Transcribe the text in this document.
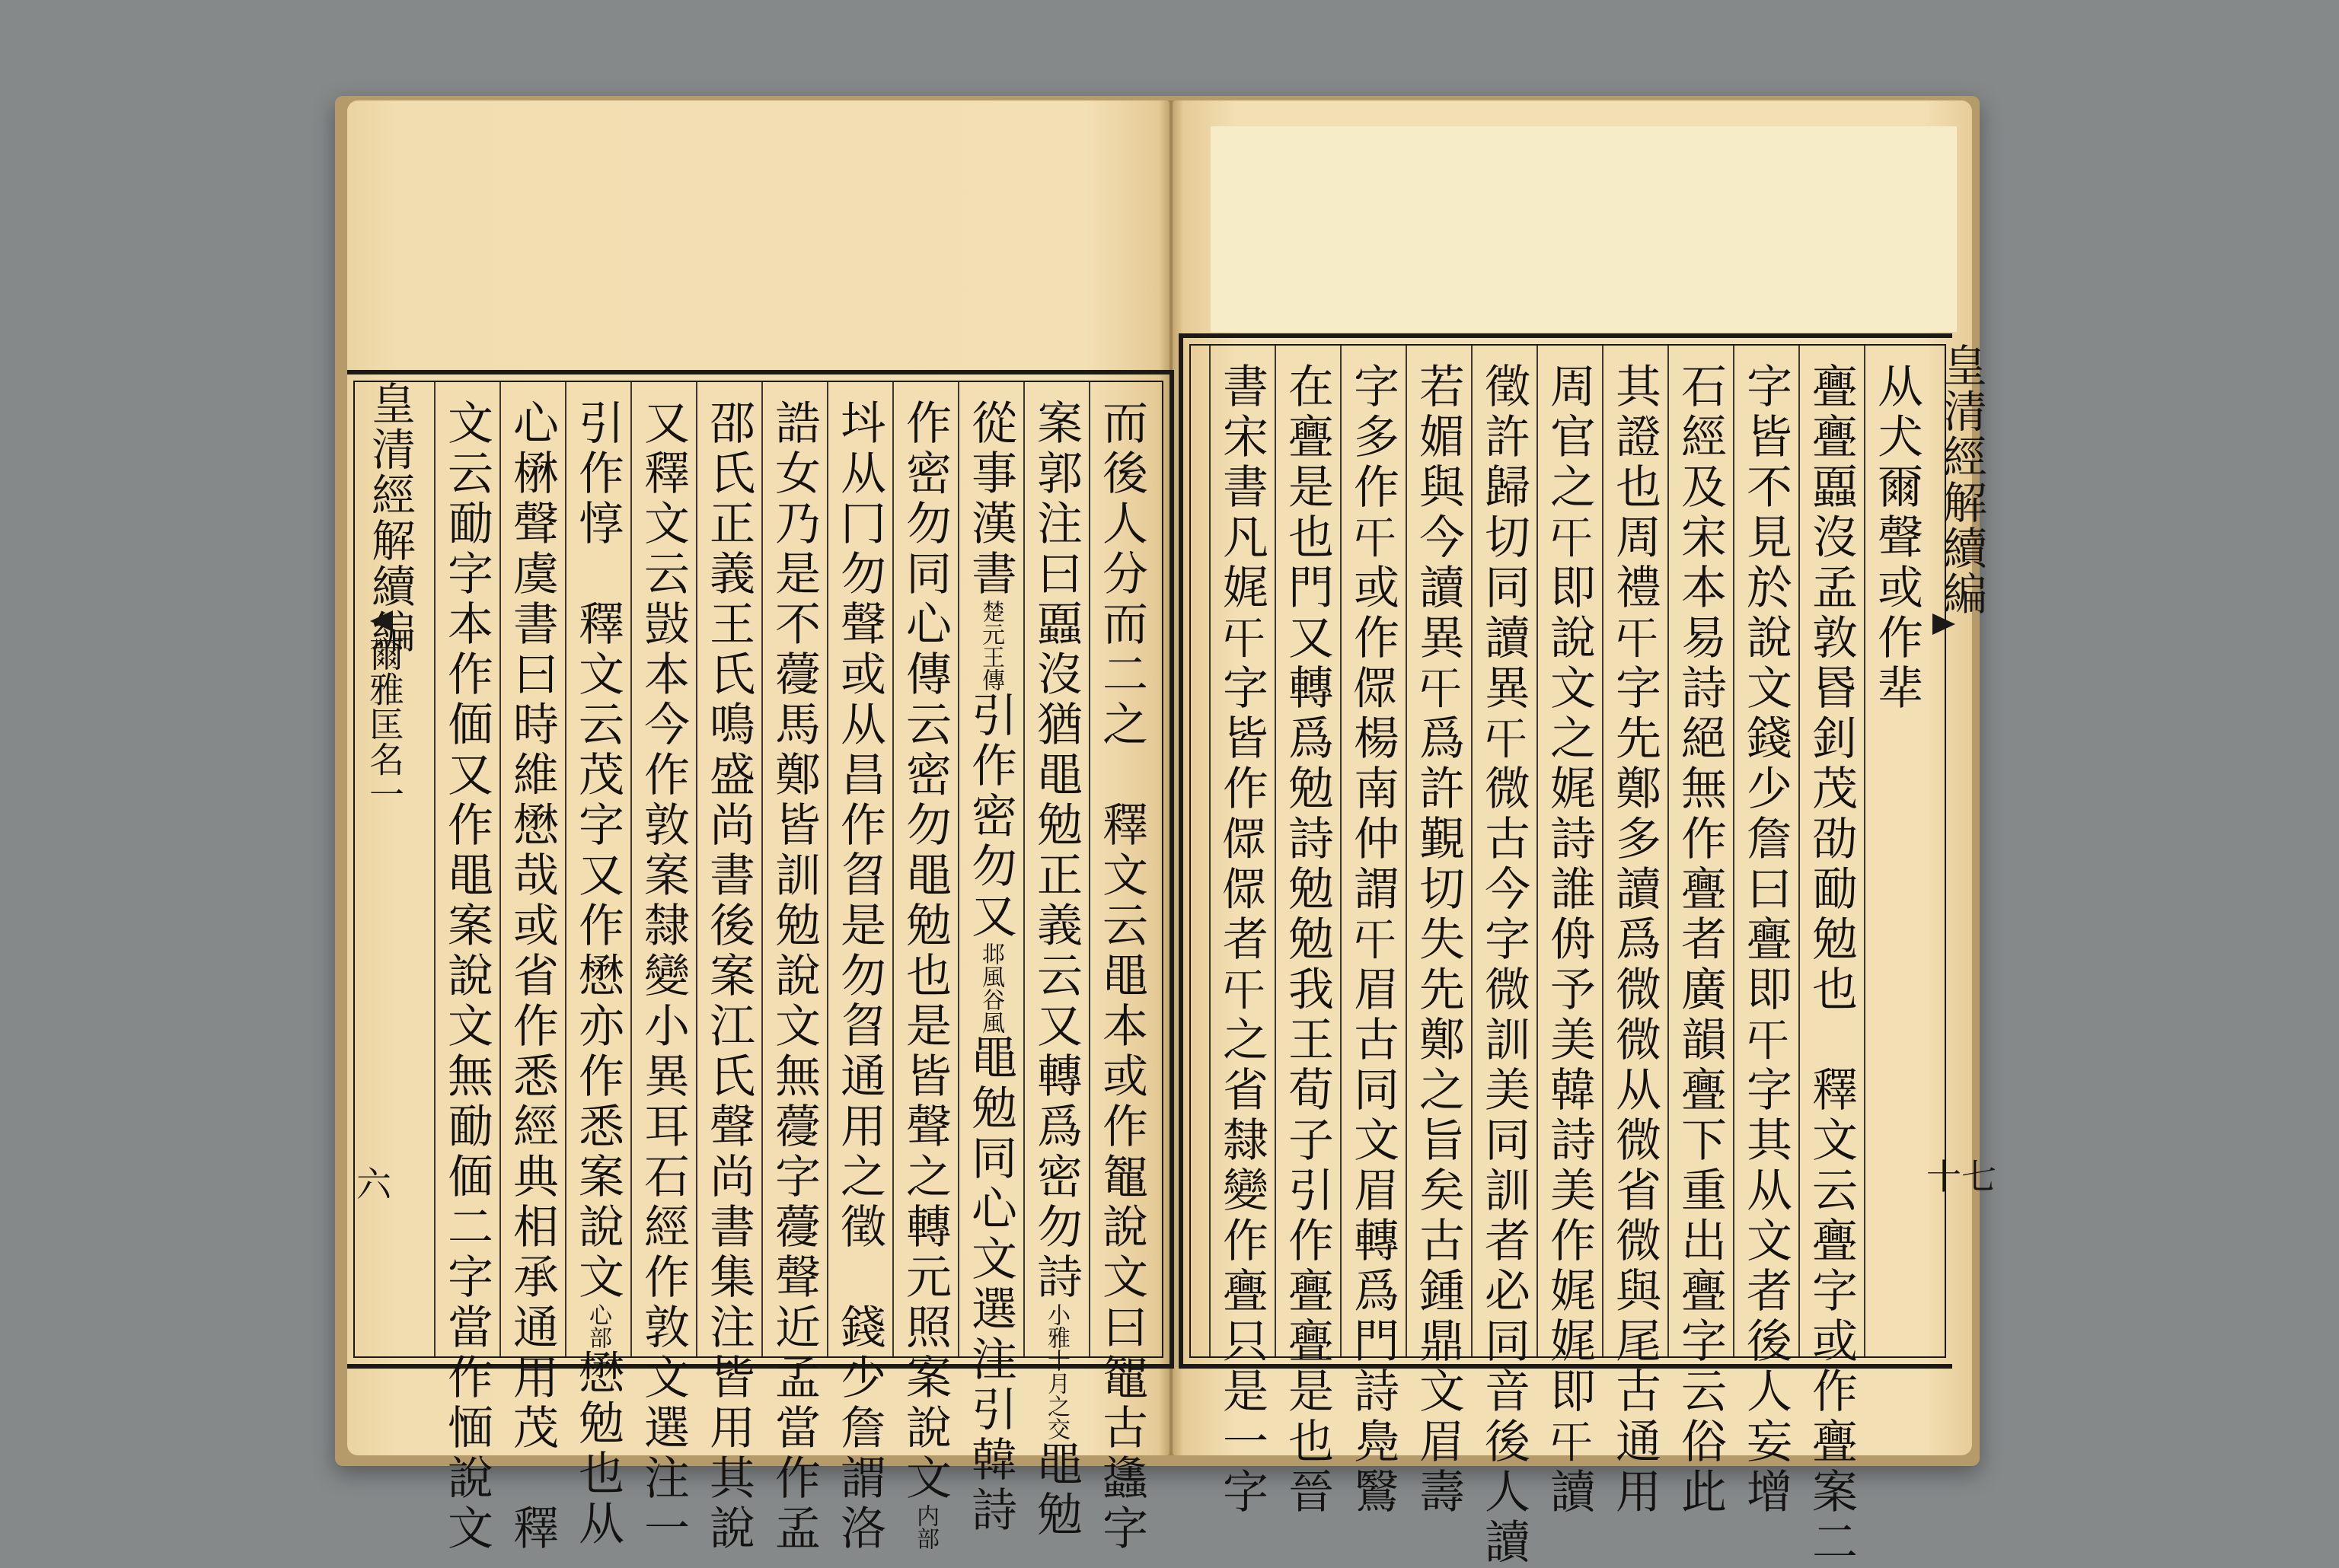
而後人分而二之　釋文云黽本或作鼅說文曰鼅古蠭字
案郭注曰蠠沒猶黽勉正義云又轉爲密勿詩小雅十月之交黽勉
從事漢書楚元王傳引作密勿又邶風谷風黽勉同心文選注引韓詩
作密勿同心傳云密勿黽勉也是皆聲之轉元照案說文内部
㘰从冂勿聲或从昌作㫚是勿㫚通用之徵　錢少詹謂洛
誥女乃是不蘉馬鄭皆訓勉說文無蘉字蘉聲近孟當作孟
邵氏正義王氏鳴盛尚書後案江氏聲尚書集注皆用其說
又釋文云敱本今作敦案隸變小異耳石經作敦文選注一
引作惇　釋文云茂字又作懋亦作悉案說文心部懋勉也从
心楙聲虞書曰時維懋哉或省作悉經典相承通用茂　釋
文云勔字本作偭又作黽案說文無勔偭二字當作愐說文	从犬爾聲或作㹃
亹亹蠠沒孟敦昬釗茂劭勔勉也　釋文云亹字或作亹案二
字皆不見於說文錢少詹曰亹即𡕒字其从文者後人妄增
石經及宋本易詩絕無作亹者廣韻亹下重出亹字云俗此
其證也周禮𡕒字先鄭多讀爲微微从微省微與尾古通用
周官之𡕒即說文之娓詩誰侜予美韓詩美作娓娓即𡕒讀
徵許歸切同讀異𡕒微古今字微訓美同訓者必同音後人讀
若媚與今讀異𡕒爲許覲切失先鄭之旨矣古鍾鼎文眉壽
字多作𡕒或作𠍸楊南仲謂𡕒眉古同文眉轉爲門詩鳧鷖
在亹是也門又轉爲勉詩勉勉我王荀子引作亹亹是也晉
書宋書凡娓𡕒字皆作𠍸𠍸者𡕒之省隸變作亹只是一字
皇清經解續編
爾雅匡名一
六
皇清經解續編
十七
